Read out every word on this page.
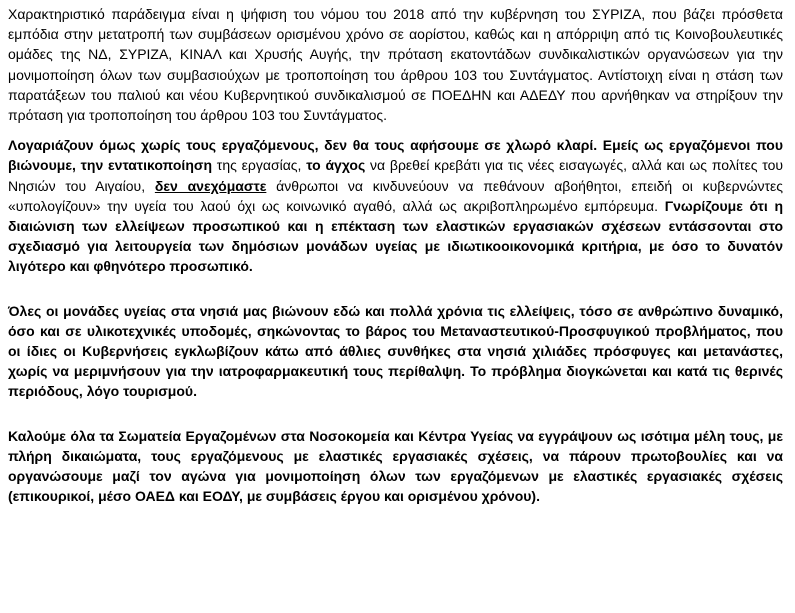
Χαρακτηριστικό παράδειγμα είναι η ψήφιση του νόμου του 2018 από την κυβέρνηση του ΣΥΡΙΖΑ, που βάζει πρόσθετα εμπόδια στην μετατροπή των συμβάσεων ορισμένου χρόνο σε αορίστου, καθώς και η απόρριψη από τις Κοινοβουλευτικές ομάδες της ΝΔ, ΣΥΡΙΖΑ, ΚΙΝΑΛ και Χρυσής Αυγής, την πρόταση εκατοντάδων συνδικαλιστικών οργανώσεων για την μονιμοποίηση όλων των συμβασιούχων με τροποποίηση του άρθρου 103 του Συντάγματος. Αντίστοιχη είναι η στάση των παρατάξεων του παλιού και νέου Κυβερνητικού συνδικαλισμού σε ΠΟΕΔΗΝ και ΑΔΕΔΥ που αρνήθηκαν να στηρίξουν την πρόταση για τροποποίηση του άρθρου 103 του Συντάγματος.

Λογαριάζουν όμως χωρίς τους εργαζόμενους, δεν θα τους αφήσουμε σε χλωρό κλαρί. Εμείς ως εργαζόμενοι που βιώνουμε, την εντατικοποίηση της εργασίας, το άγχος να βρεθεί κρεβάτι για τις νέες εισαγωγές, αλλά και ως πολίτες του Νησιών του Αιγαίου, δεν ανεχόμαστε άνθρωποι να κινδυνεύουν να πεθάνουν αβοήθητοι, επειδή οι κυβερνώντες «υπολογίζουν» την υγεία του λαού όχι ως κοινωνικό αγαθό, αλλά ως ακριβοπληρωμένο εμπόρευμα. Γνωρίζουμε ότι η διαιώνιση των ελλείψεων προσωπικού και η επέκταση των ελαστικών εργασιακών σχέσεων εντάσσονται στο σχεδιασμό για λειτουργεία των δημόσιων μονάδων υγείας με ιδιωτικοοικονομικά κριτήρια, με όσο το δυνατόν λιγότερο και φθηνότερο προσωπικό.

Όλες οι μονάδες υγείας στα νησιά μας βιώνουν εδώ και πολλά χρόνια τις ελλείψεις, τόσο σε ανθρώπινο δυναμικό, όσο και σε υλικοτεχνικές υποδομές, σηκώνοντας το βάρος του Μεταναστευτικού-Προσφυγικού προβλήματος, που οι ίδιες οι Κυβερνήσεις εγκλωβίζουν κάτω από άθλιες συνθήκες στα νησιά χιλιάδες πρόσφυγες και μετανάστες, χωρίς να μεριμνήσουν για την ιατροφαρμακευτική τους περίθαλψη. Το πρόβλημα διογκώνεται και κατά τις θερινές περιόδους, λόγο τουρισμού.

Καλούμε όλα τα Σωματεία Εργαζομένων στα Νοσοκομεία και Κέντρα Υγείας να εγγράψουν ως ισότιμα μέλη τους, με πλήρη δικαιώματα, τους εργαζόμενους με ελαστικές εργασιακές σχέσεις, να πάρουν πρωτοβουλίες και να οργανώσουμε μαζί τον αγώνα για μονιμοποίηση όλων των εργαζόμενων με ελαστικές εργασιακές σχέσεις (επικουρικοί, μέσο ΟΑΕΔ και ΕΟΔΥ, με συμβάσεις έργου και ορισμένου χρόνου).
